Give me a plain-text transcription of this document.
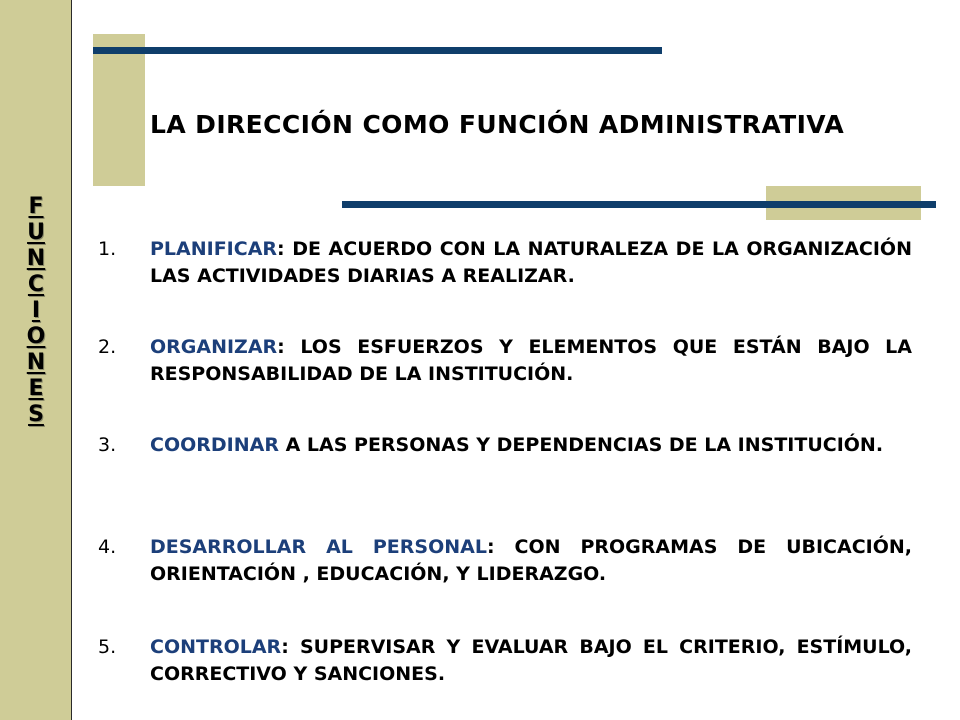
F
U
N
C
I
O
N
E
S
LA DIRECCIÓN COMO FUNCIÓN ADMINISTRATIVA
1.	PLANIFICAR: DE ACUERDO CON LA NATURALEZA DE LA ORGANIZACIÓN LAS ACTIVIDADES DIARIAS A REALIZAR.
2.	ORGANIZAR: LOS ESFUERZOS Y ELEMENTOS QUE ESTÁN BAJO LA RESPONSABILIDAD DE LA INSTITUCIÓN.
3.	COORDINAR A LAS PERSONAS Y DEPENDENCIAS DE LA INSTITUCIÓN.
4.	DESARROLLAR AL PERSONAL: CON PROGRAMAS DE UBICACIÓN, ORIENTACIÓN , EDUCACIÓN, Y LIDERAZGO.
5.	CONTROLAR: SUPERVISAR Y EVALUAR BAJO EL CRITERIO, ESTÍMULO, CORRECTIVO Y SANCIONES.
